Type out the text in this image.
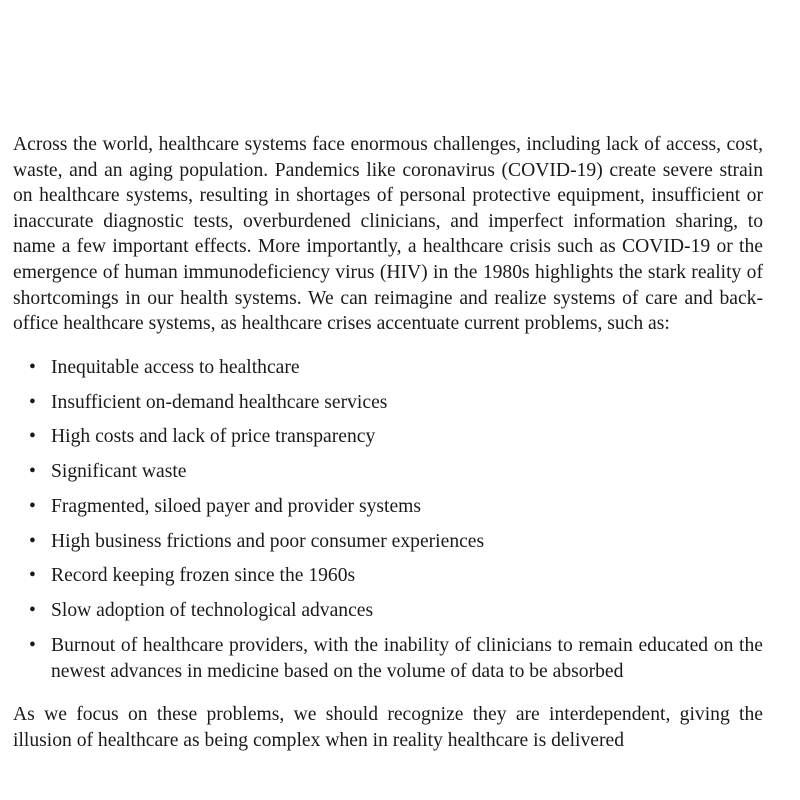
Across the world, healthcare systems face enormous challenges, including lack of access, cost, waste, and an aging population. Pandemics like coronavirus (COVID-19) create severe strain on healthcare systems, resulting in shortages of personal protective equipment, insufficient or inaccurate diagnostic tests, overburdened clinicians, and imperfect information sharing, to name a few important effects. More importantly, a healthcare crisis such as COVID-19 or the emergence of human immunodeficiency virus (HIV) in the 1980s highlights the stark reality of shortcomings in our health systems. We can reimagine and realize systems of care and back-office healthcare systems, as healthcare crises accentuate current problems, such as:

• Inequitable access to healthcare
• Insufficient on-demand healthcare services
• High costs and lack of price transparency
• Significant waste
• Fragmented, siloed payer and provider systems
• High business frictions and poor consumer experiences
• Record keeping frozen since the 1960s
• Slow adoption of technological advances
• Burnout of healthcare providers, with the inability of clinicians to remain educated on the newest advances in medicine based on the volume of data to be absorbed

As we focus on these problems, we should recognize they are interdependent, giving the illusion of healthcare as being complex when in reality healthcare is delivered
